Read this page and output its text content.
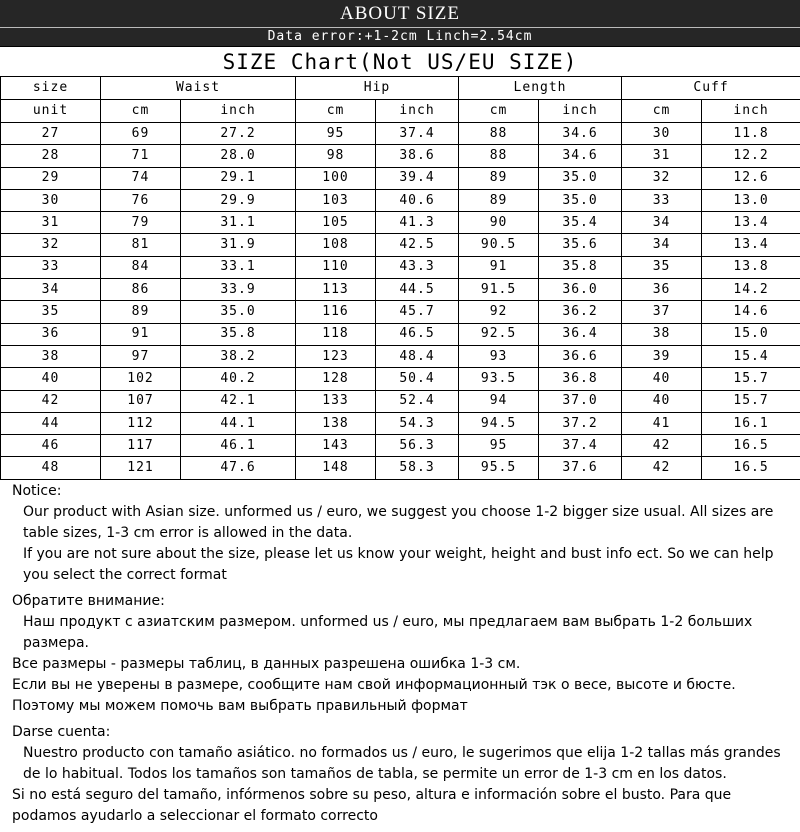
ABOUT SIZE
Data error:+1-2cm Linch=2.54cm
SIZE Chart(Not US/EU SIZE)
size	Waist		Hip		Length		Cuff	
unit	cm	inch	cm	inch	cm	inch	cm	inch
27	69	27.2	95	37.4	88	34.6	30	11.8
28	71	28.0	98	38.6	88	34.6	31	12.2
29	74	29.1	100	39.4	89	35.0	32	12.6
30	76	29.9	103	40.6	89	35.0	33	13.0
31	79	31.1	105	41.3	90	35.4	34	13.4
32	81	31.9	108	42.5	90.5	35.6	34	13.4
33	84	33.1	110	43.3	91	35.8	35	13.8
34	86	33.9	113	44.5	91.5	36.0	36	14.2
35	89	35.0	116	45.7	92	36.2	37	14.6
36	91	35.8	118	46.5	92.5	36.4	38	15.0
38	97	38.2	123	48.4	93	36.6	39	15.4
40	102	40.2	128	50.4	93.5	36.8	40	15.7
42	107	42.1	133	52.4	94	37.0	40	15.7
44	112	44.1	138	54.3	94.5	37.2	41	16.1
46	117	46.1	143	56.3	95	37.4	42	16.5
48	121	47.6	148	58.3	95.5	37.6	42	16.5

Notice:

Our product with Asian size. unformed us / euro, we suggest you choose 1-2 bigger size usual. All sizes are table sizes, 1-3 cm error is allowed in the data.

If you are not sure about the size, please let us know your weight, height and bust info ect. So we can help you select the correct format

Обратите внимание:

Наш продукт с азиатским размером. unformed us / euro, мы предлагаем вам выбрать 1-2 больших размера.

Все размеры - размеры таблиц, в данных разрешена ошибка 1-3 см.

Если вы не уверены в размере, сообщите нам свой информационный тэк о весе, высоте и бюсте. Поэтому мы можем помочь вам выбрать правильный формат

Darse cuenta:

Nuestro producto con tamaño asiático. no formados us / euro, le sugerimos que elija 1-2 tallas más grandes de lo habitual. Todos los tamaños son tamaños de tabla, se permite un error de 1-3 cm en los datos.

Si no está seguro del tamaño, infórmenos sobre su peso, altura e información sobre el busto. Para que podamos ayudarlo a seleccionar el formato correcto
